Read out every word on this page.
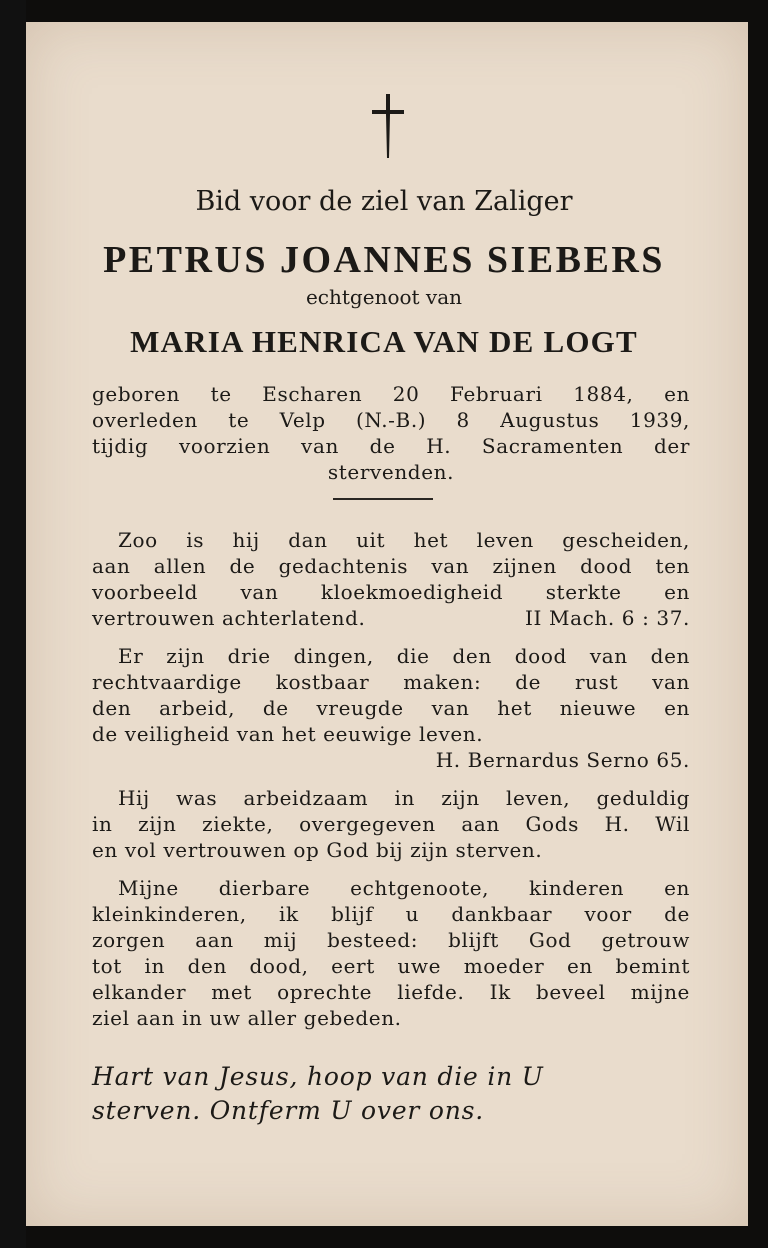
Bid voor de ziel van Zaliger
PETRUS JOANNES SIEBERS
echtgenoot van
MARIA HENRICA VAN DE LOGT
geboren te Escharen 20 Februari 1884, en
overleden te Velp (N.-B.) 8 Augustus 1939,
tijdig voorzien van de H. Sacramenten der
stervenden.
Zoo is hij dan uit het leven gescheiden,
aan allen de gedachtenis van zijnen dood ten
voorbeeld van kloekmoedigheid sterkte en
vertrouwen achterlatend.	II Mach. 6 : 37.
Er zijn drie dingen, die den dood van den
rechtvaardige kostbaar maken: de rust van
den arbeid, de vreugde van het nieuwe en
de veiligheid van het eeuwige leven.
H. Bernardus Serno 65.
Hij was arbeidzaam in zijn leven, geduldig
in zijn ziekte, overgegeven aan Gods H. Wil
en vol vertrouwen op God bij zijn sterven.
Mijne dierbare echtgenoote, kinderen en
kleinkinderen, ik blijf u dankbaar voor de
zorgen aan mij besteed: blijft God getrouw
tot in den dood, eert uwe moeder en bemint
elkander met oprechte liefde. Ik beveel mijne
ziel aan in uw aller gebeden.
Hart van Jesus, hoop van die in U
sterven. Ontferm U over ons.
